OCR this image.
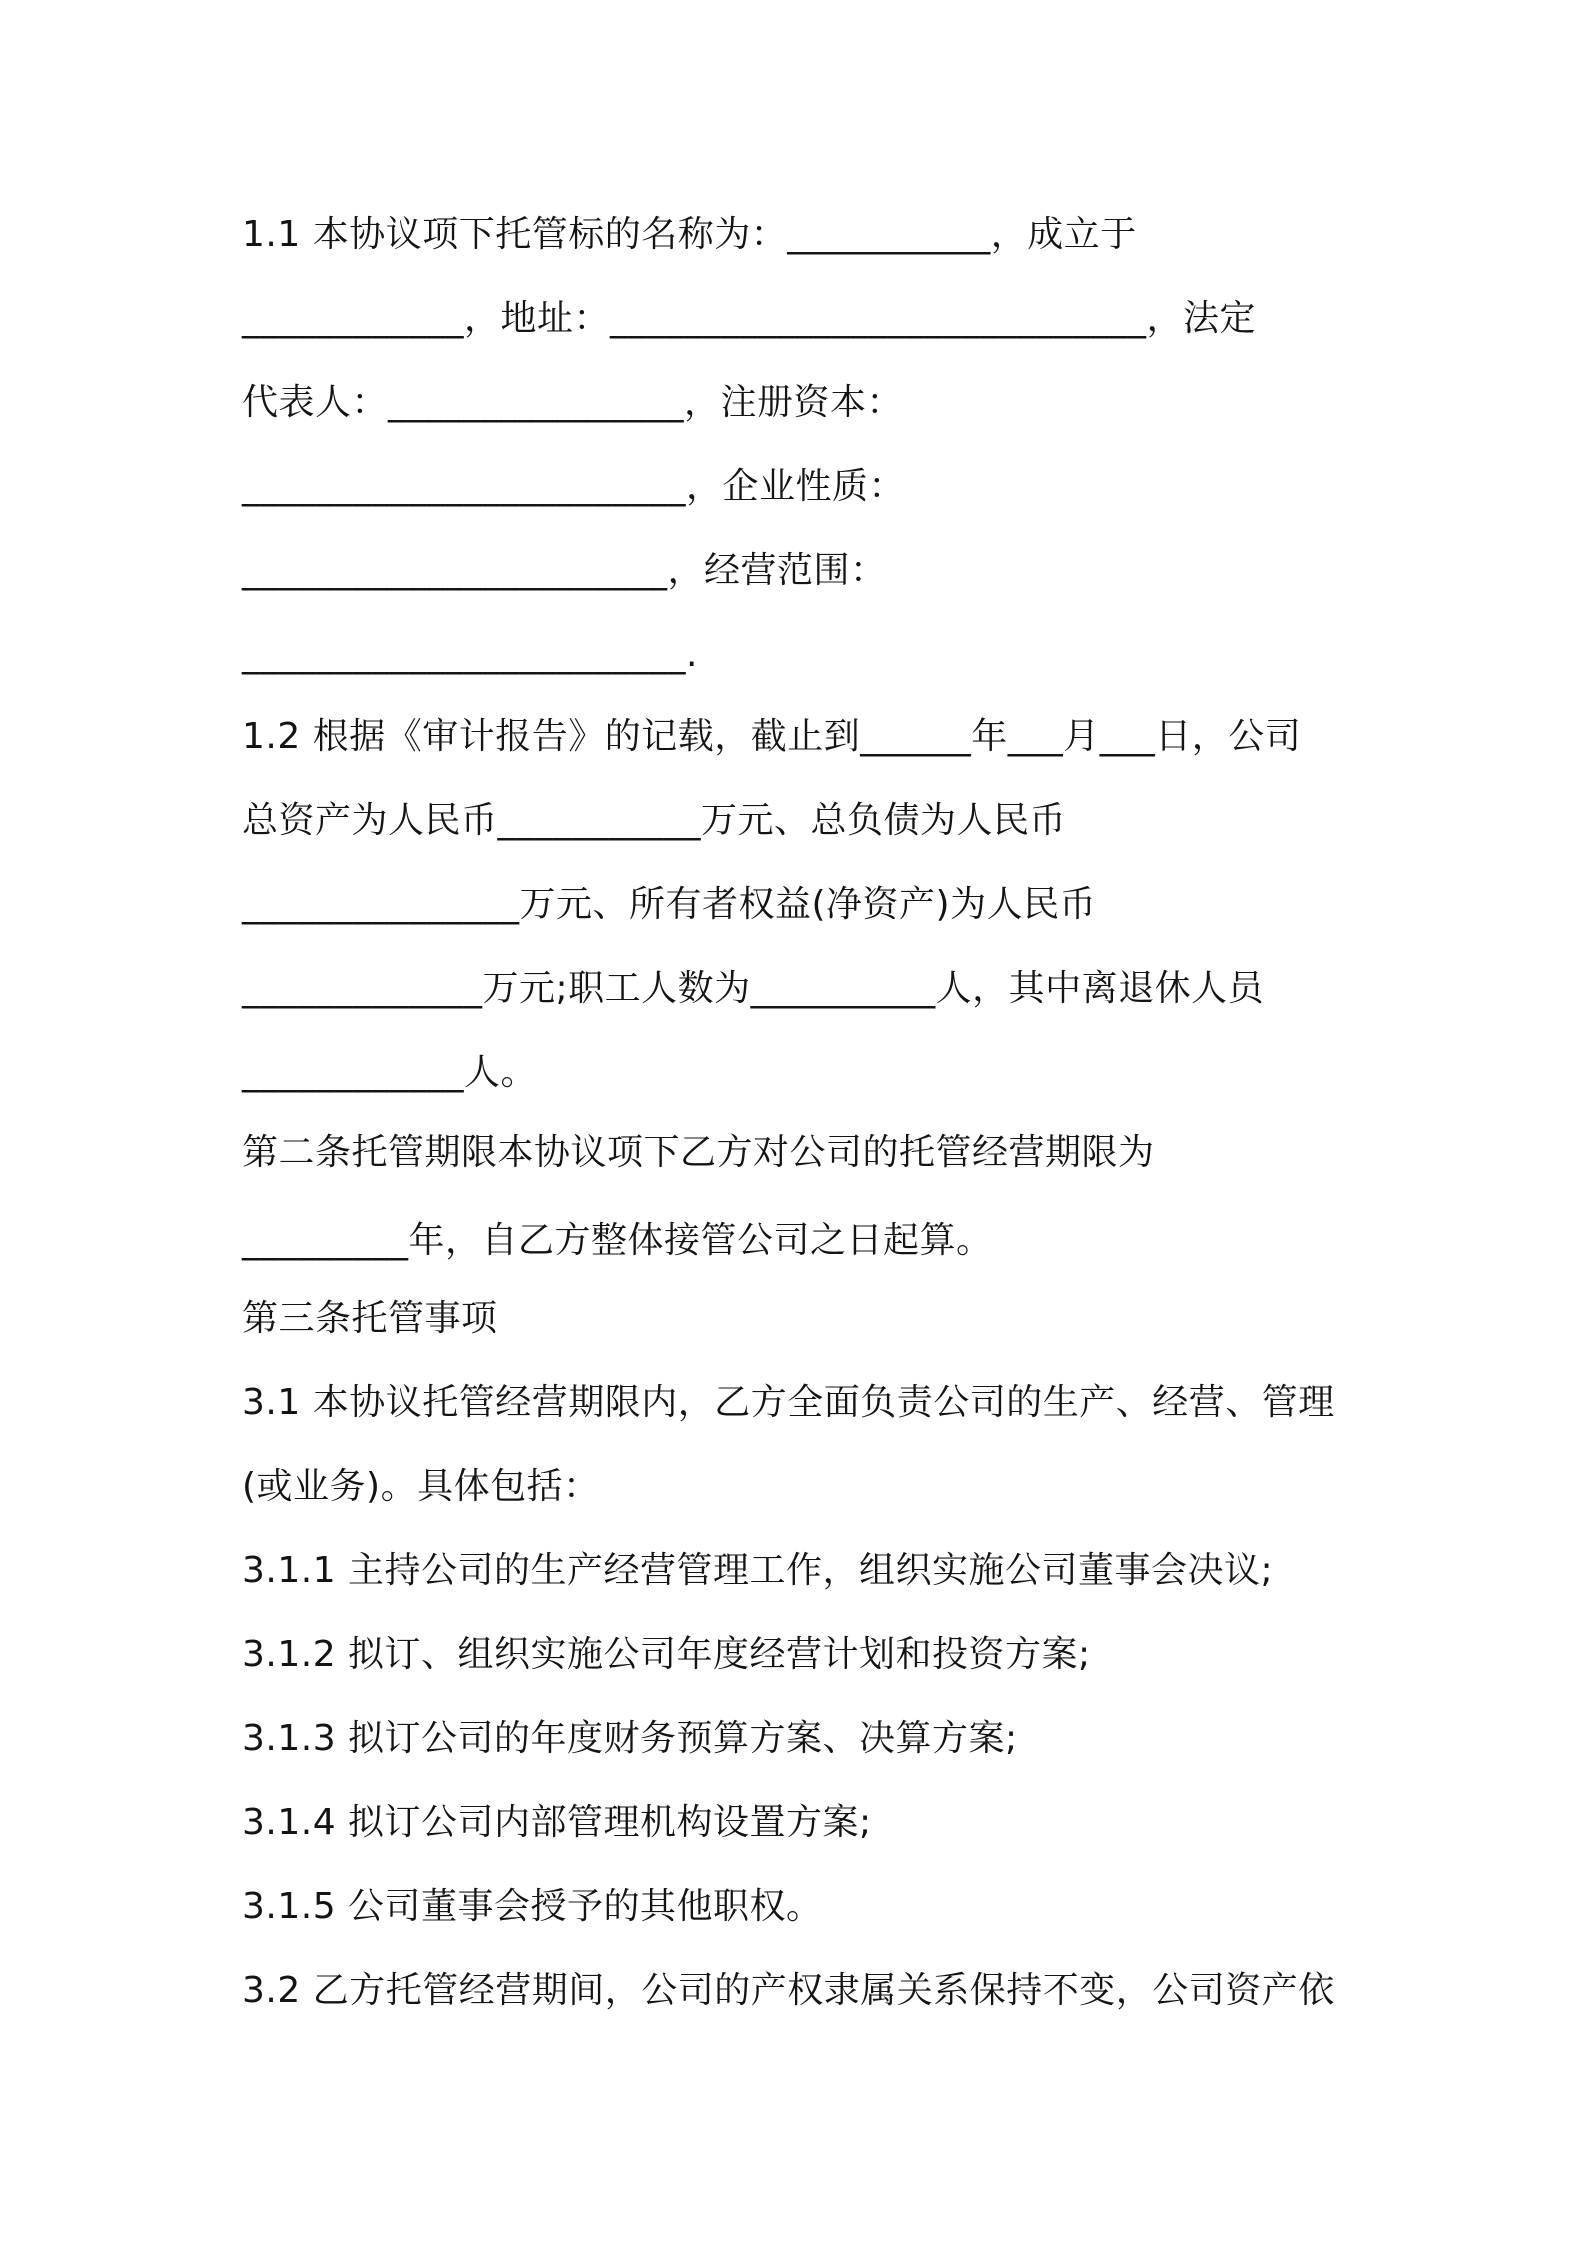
1.1 本协议项下托管标的名称为：___________，成立于
____________，地址：_____________________________，法定
代表人：________________，注册资本：
________________________，企业性质：
_______________________，经营范围：
________________________.
1.2 根据《审计报告》的记载，截止到______年___月___日，公司
总资产为人民币___________万元、总负债为人民币
_______________万元、所有者权益(净资产)为人民币
_____________万元;职工人数为__________人，其中离退休人员
____________人。
第二条托管期限本协议项下乙方对公司的托管经营期限为
_________年，自乙方整体接管公司之日起算。
第三条托管事项
3.1 本协议托管经营期限内，乙方全面负责公司的生产、经营、管理
(或业务)。具体包括：
3.1.1 主持公司的生产经营管理工作，组织实施公司董事会决议;
3.1.2 拟订、组织实施公司年度经营计划和投资方案;
3.1.3 拟订公司的年度财务预算方案、决算方案;
3.1.4 拟订公司内部管理机构设置方案;
3.1.5 公司董事会授予的其他职权。
3.2 乙方托管经营期间，公司的产权隶属关系保持不变，公司资产依
